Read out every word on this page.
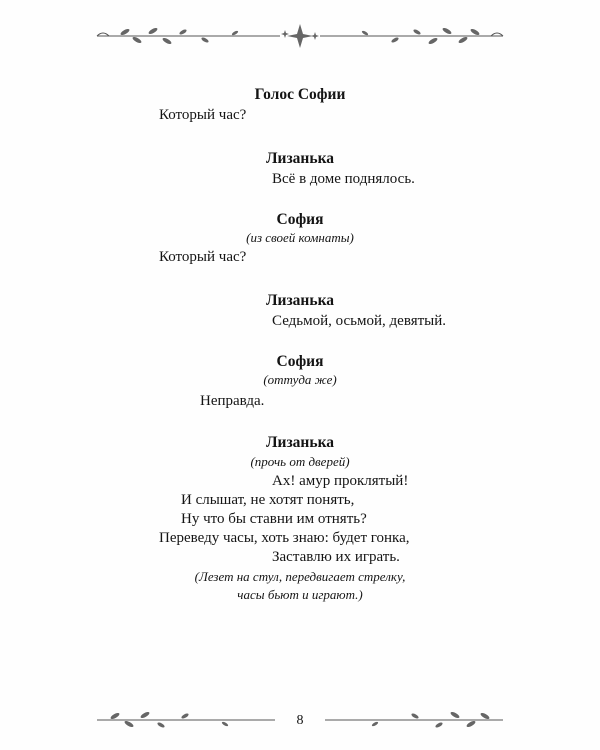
Голос Софии
Который час?
Лизанька
Всё в доме поднялось.
София
(из своей комнаты)
Который час?
Лизанька
Седьмой, осьмой, девятый.
София
(оттуда же)
Неправда.
Лизанька
(прочь от дверей)
Ах! амур проклятый!
И слышат, не хотят понять,
Ну что бы ставни им отнять?
Переведу часы, хоть знаю: будет гонка,
Заставлю их играть.
(Лезет на стул, передвигает стрелку,
часы бьют и играют.)
8
